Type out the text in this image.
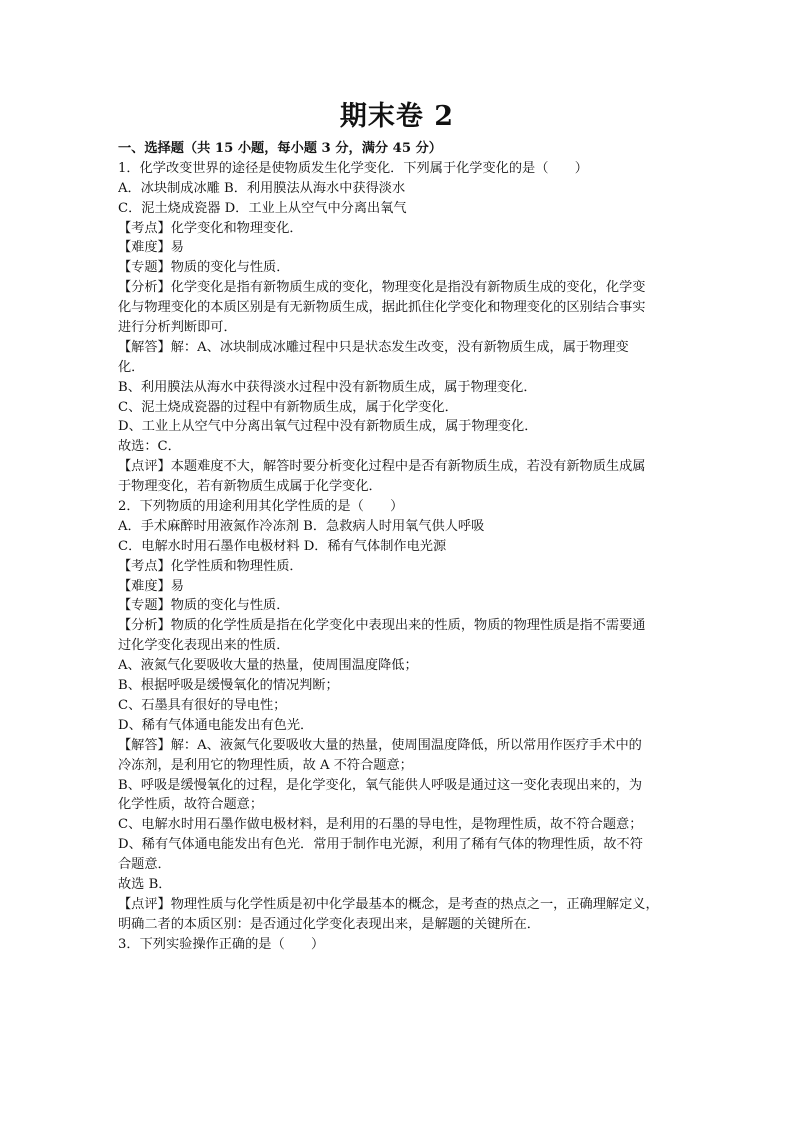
期末卷 2
一、选择题（共 15 小题，每小题 3 分，满分 45 分）
1．化学改变世界的途径是使物质发生化学变化．下列属于化学变化的是（　　）
A．冰块制成冰雕 B．利用膜法从海水中获得淡水
C．泥土烧成瓷器 D．工业上从空气中分离出氧气
【考点】化学变化和物理变化．
【难度】易
【专题】物质的变化与性质．
【分析】化学变化是指有新物质生成的变化，物理变化是指没有新物质生成的变化，化学变
化与物理变化的本质区别是有无新物质生成，据此抓住化学变化和物理变化的区别结合事实
进行分析判断即可．
【解答】解：A、冰块制成冰雕过程中只是状态发生改变，没有新物质生成，属于物理变
化．
B、利用膜法从海水中获得淡水过程中没有新物质生成，属于物理变化．
C、泥土烧成瓷器的过程中有新物质生成，属于化学变化．
D、工业上从空气中分离出氧气过程中没有新物质生成，属于物理变化．
故选：C．
【点评】本题难度不大，解答时要分析变化过程中是否有新物质生成，若没有新物质生成属
于物理变化，若有新物质生成属于化学变化．
2．下列物质的用途利用其化学性质的是（　　）
A．手术麻醉时用液氮作冷冻剂 B．急救病人时用氧气供人呼吸
C．电解水时用石墨作电极材料 D．稀有气体制作电光源
【考点】化学性质和物理性质．
【难度】易
【专题】物质的变化与性质．
【分析】物质的化学性质是指在化学变化中表现出来的性质，物质的物理性质是指不需要通
过化学变化表现出来的性质．
A、液氮气化要吸收大量的热量，使周围温度降低；
B、根据呼吸是缓慢氧化的情况判断；
C、石墨具有很好的导电性；
D、稀有气体通电能发出有色光．
【解答】解：A、液氮气化要吸收大量的热量，使周围温度降低，所以常用作医疗手术中的
冷冻剂，是利用它的物理性质，故 A 不符合题意；
B、呼吸是缓慢氧化的过程，是化学变化，氧气能供人呼吸是通过这一变化表现出来的，为
化学性质，故符合题意；
C、电解水时用石墨作做电极材料，是利用的石墨的导电性，是物理性质，故不符合题意；
D、稀有气体通电能发出有色光．常用于制作电光源，利用了稀有气体的物理性质，故不符
合题意．
故选 B．
【点评】物理性质与化学性质是初中化学最基本的概念，是考查的热点之一，正确理解定义，
明确二者的本质区别：是否通过化学变化表现出来，是解题的关键所在．
3．下列实验操作正确的是（　　）
